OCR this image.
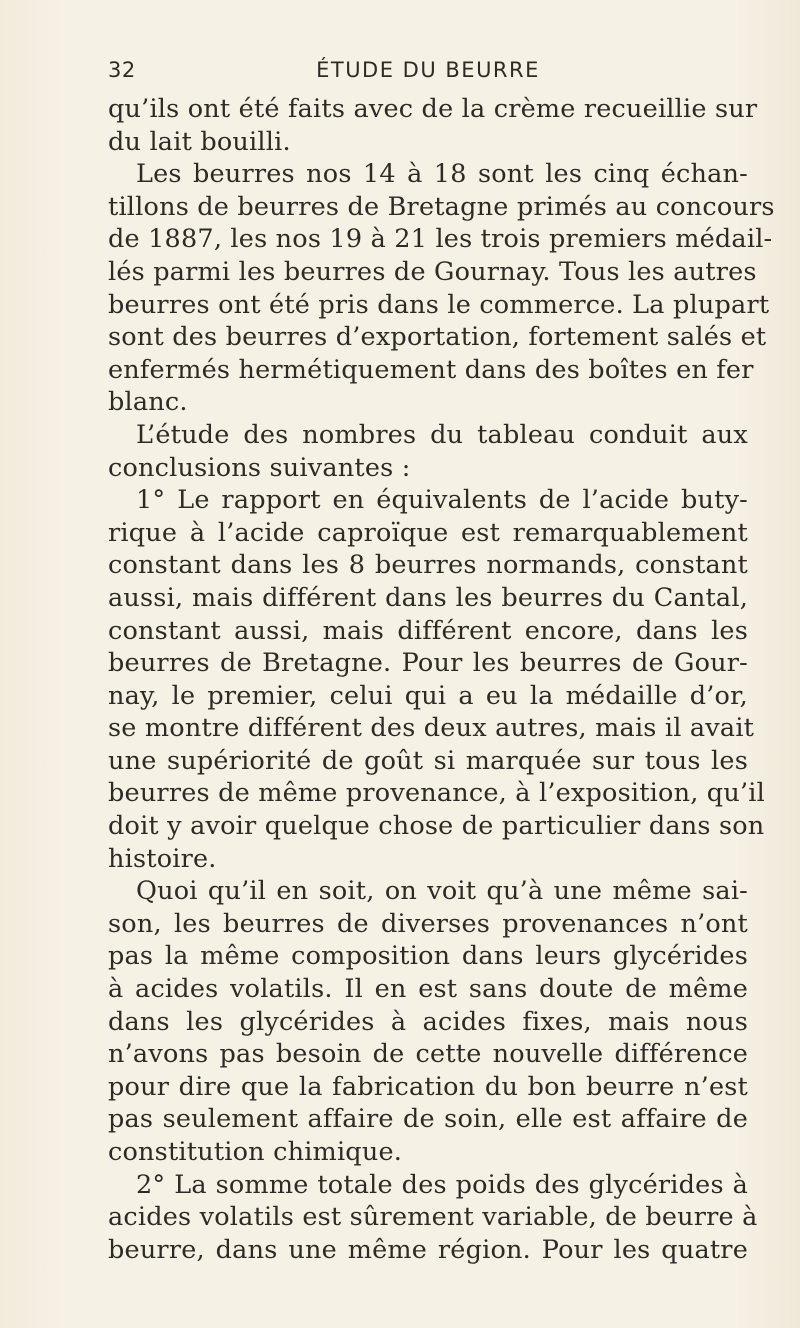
32	ÉTUDE DU BEURRE
qu’ils ont été faits avec de la crème recueillie sur
du lait bouilli.
Les beurres nos 14 à 18 sont les cinq échan-
tillons de beurres de Bretagne primés au concours
de 1887, les nos 19 à 21 les trois premiers médail-
lés parmi les beurres de Gournay. Tous les autres
beurres ont été pris dans le commerce. La plupart
sont des beurres d’exportation, fortement salés et
enfermés hermétiquement dans des boîtes en fer
blanc.
L’étude des nombres du tableau conduit aux
conclusions suivantes :
1° Le rapport en équivalents de l’acide buty-
rique à l’acide caproïque est remarquablement
constant dans les 8 beurres normands, constant
aussi, mais différent dans les beurres du Cantal,
constant aussi, mais différent encore, dans les
beurres de Bretagne. Pour les beurres de Gour-
nay, le premier, celui qui a eu la médaille d’or,
se montre différent des deux autres, mais il avait
une supériorité de goût si marquée sur tous les
beurres de même provenance, à l’exposition, qu’il
doit y avoir quelque chose de particulier dans son
histoire.
Quoi qu’il en soit, on voit qu’à une même sai-
son, les beurres de diverses provenances n’ont
pas la même composition dans leurs glycérides
à acides volatils. Il en est sans doute de même
dans les glycérides à acides fixes, mais nous
n’avons pas besoin de cette nouvelle différence
pour dire que la fabrication du bon beurre n’est
pas seulement affaire de soin, elle est affaire de
constitution chimique.
2° La somme totale des poids des glycérides à
acides volatils est sûrement variable, de beurre à
beurre, dans une même région. Pour les quatre
